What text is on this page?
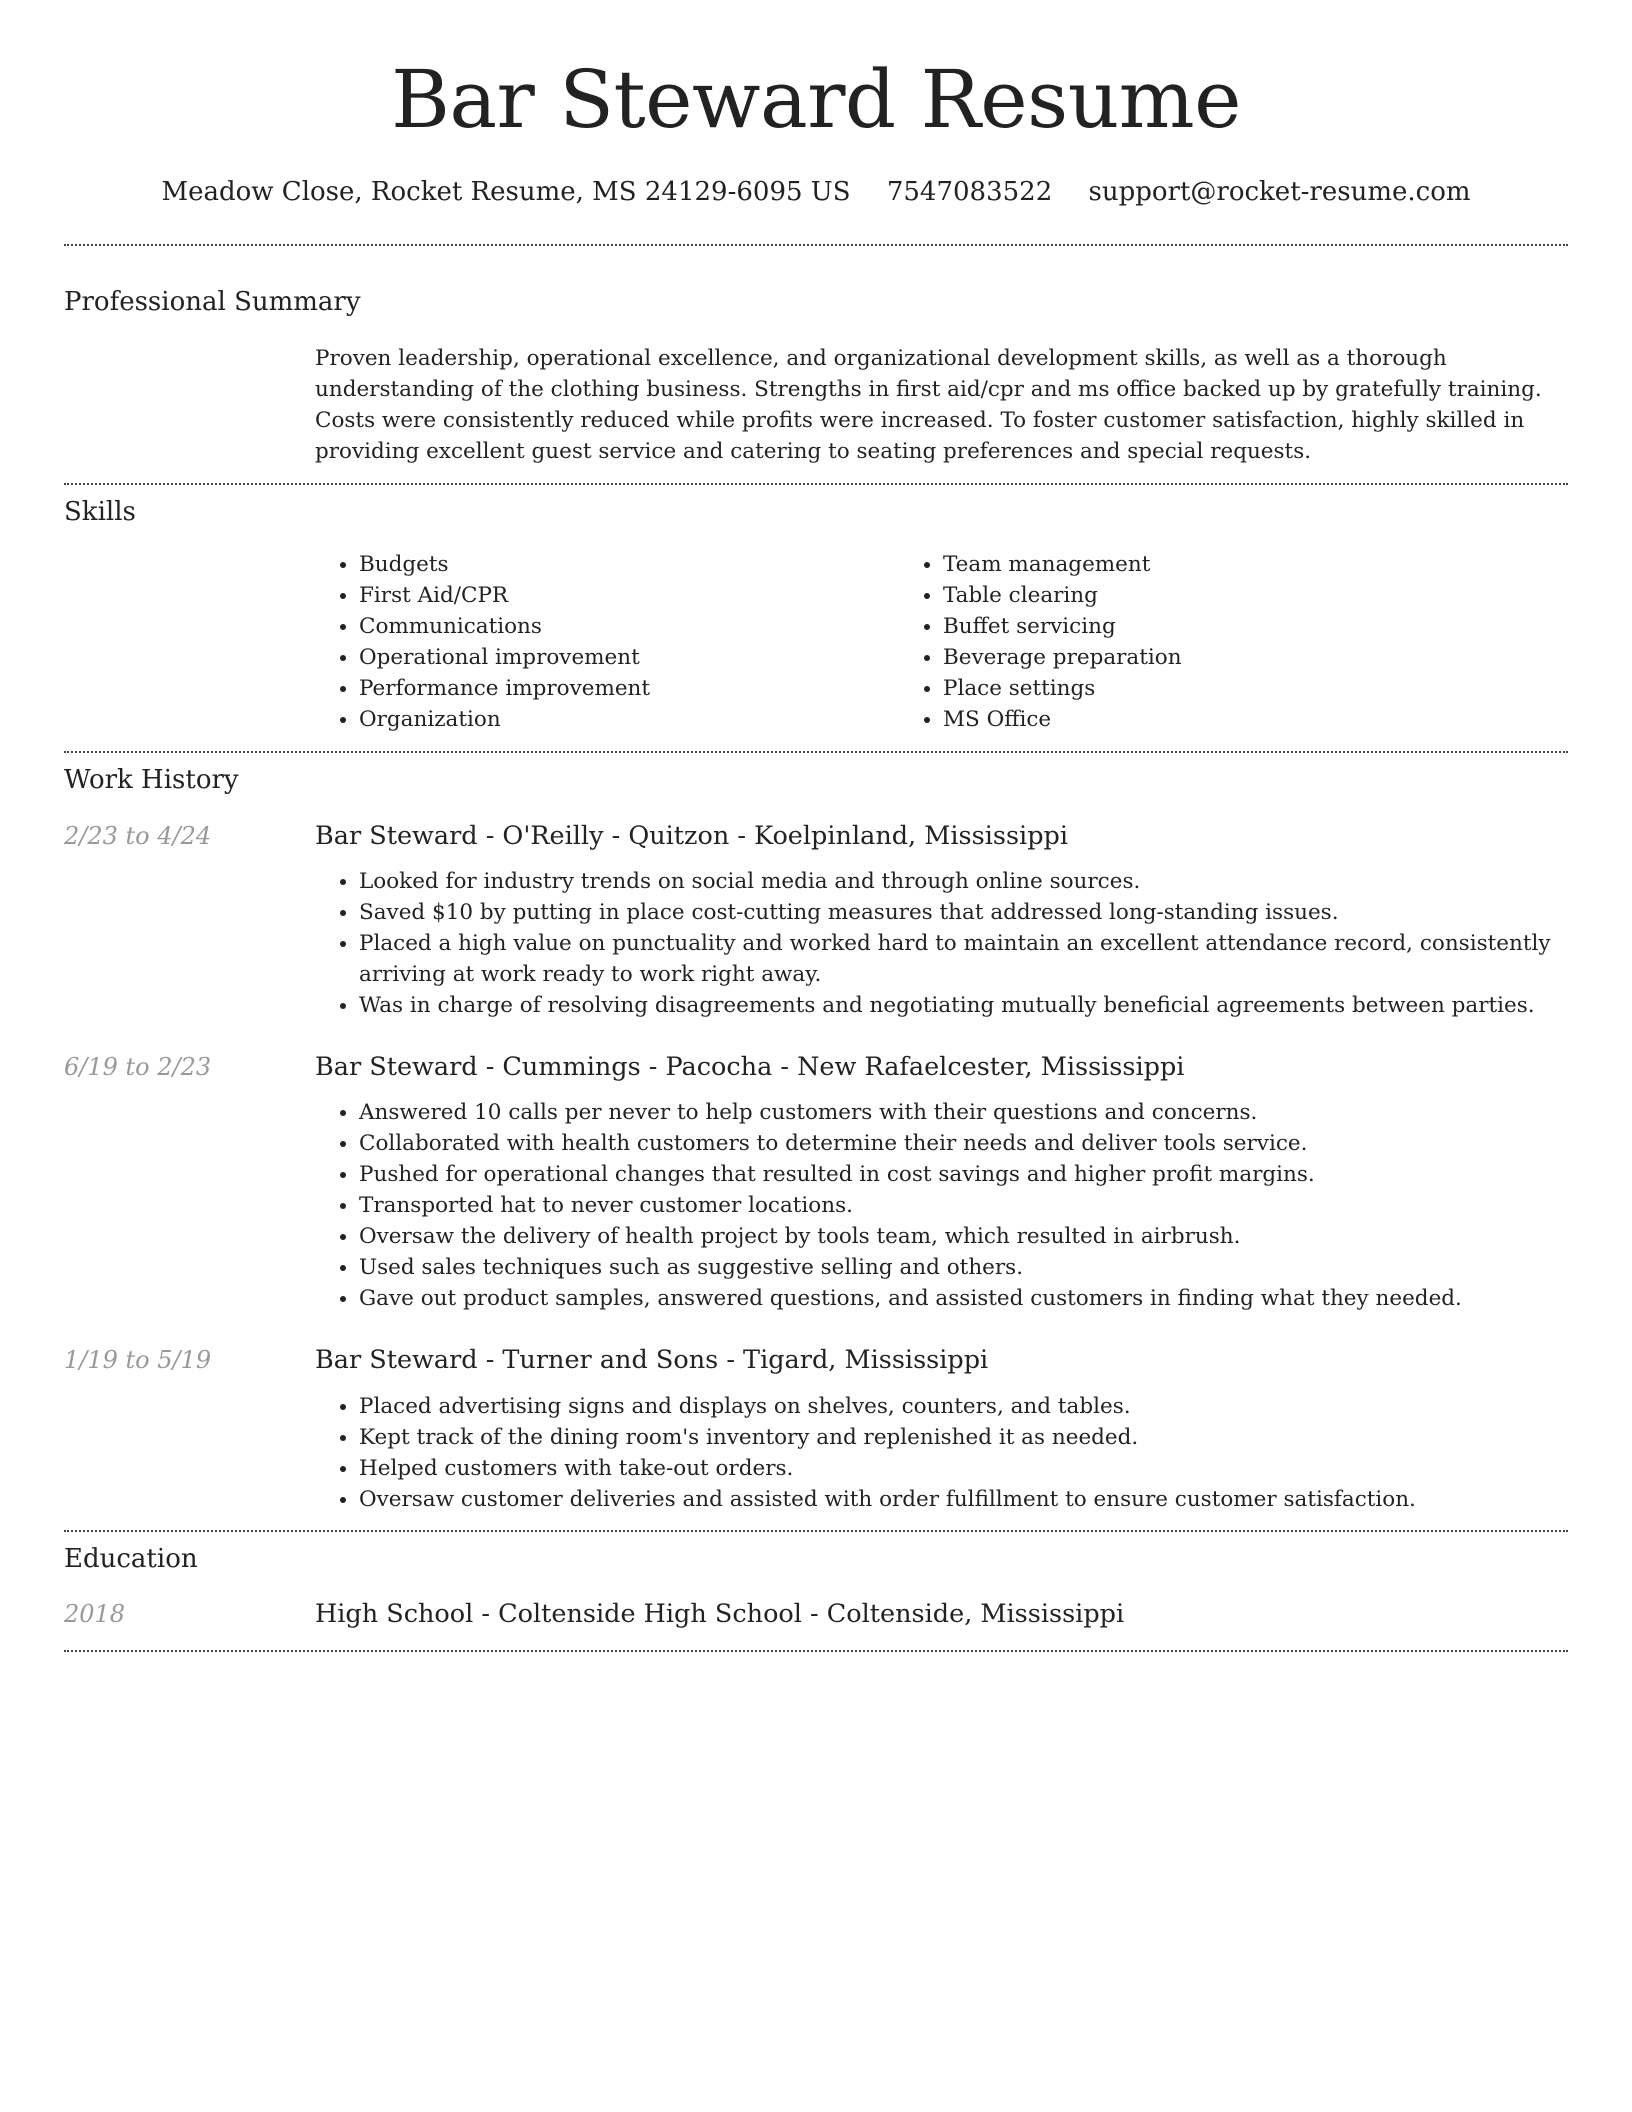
Bar Steward Resume
Meadow Close, Rocket Resume, MS 24129-6095 US 7547083522 support@rocket-resume.com
Professional Summary

Proven leadership, operational excellence, and organizational development skills, as well as a thorough understanding of the clothing business. Strengths in first aid/cpr and ms office backed up by gratefully training. Costs were consistently reduced while profits were increased. To foster customer satisfaction, highly skilled in providing excellent guest service and catering to seating preferences and special requests.

Skills
• Budgets
• First Aid/CPR
• Communications
• Operational improvement
• Performance improvement
• Organization
• Team management
• Table clearing
• Buffet servicing
• Beverage preparation
• Place settings
• MS Office
Work History
2/23 to 4/24	Bar Steward - O'Reilly - Quitzon - Koelpinland, Mississippi
• Looked for industry trends on social media and through online sources.
• Saved $10 by putting in place cost-cutting measures that addressed long-standing issues.
• Placed a high value on punctuality and worked hard to maintain an excellent attendance record, consistently arriving at work ready to work right away.
• Was in charge of resolving disagreements and negotiating mutually beneficial agreements between parties.
6/19 to 2/23	Bar Steward - Cummings - Pacocha - New Rafaelcester, Mississippi
• Answered 10 calls per never to help customers with their questions and concerns.
• Collaborated with health customers to determine their needs and deliver tools service.
• Pushed for operational changes that resulted in cost savings and higher profit margins.
• Transported hat to never customer locations.
• Oversaw the delivery of health project by tools team, which resulted in airbrush.
• Used sales techniques such as suggestive selling and others.
• Gave out product samples, answered questions, and assisted customers in finding what they needed.
1/19 to 5/19	Bar Steward - Turner and Sons - Tigard, Mississippi
• Placed advertising signs and displays on shelves, counters, and tables.
• Kept track of the dining room's inventory and replenished it as needed.
• Helped customers with take-out orders.
• Oversaw customer deliveries and assisted with order fulfillment to ensure customer satisfaction.
Education
2018	High School - Coltenside High School - Coltenside, Mississippi
